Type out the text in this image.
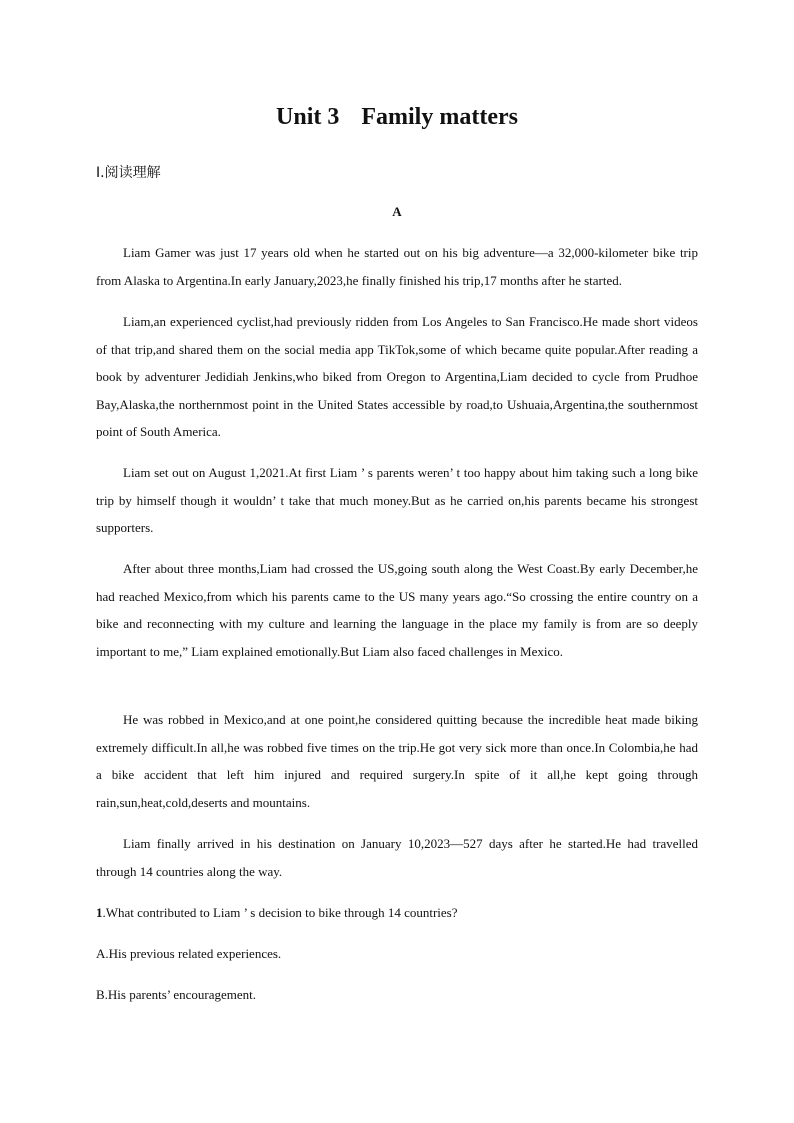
Unit 3 Family matters
Ⅰ.阅读理解
A

Liam Gamer was just 17 years old when he started out on his big adventure—a 32,000-kilometer bike trip from Alaska to Argentina.In early January,2023,he finally finished his trip,17 months after he started.

Liam,an experienced cyclist,had previously ridden from Los Angeles to San Francisco.He made short videos of that trip,and shared them on the social media app TikTok,some of which became quite popular.After reading a book by adventurer Jedidiah Jenkins,who biked from Oregon to Argentina,Liam decided to cycle from Prudhoe Bay,Alaska,the northernmost point in the United States accessible by road,to Ushuaia,Argentina,the southernmost point of South America.

Liam set out on August 1,2021.At first Liam ’ s parents weren’ t too happy about him taking such a long bike trip by himself though it wouldn’ t take that much money.But as he carried on,his parents became his strongest supporters.

After about three months,Liam had crossed the US,going south along the West Coast.By early December,he had reached Mexico,from which his parents came to the US many years ago.“So crossing the entire country on a bike and reconnecting with my culture and learning the language in the place my family is from are so deeply important to me,” Liam explained emotionally.But Liam also faced challenges in Mexico.

He was robbed in Mexico,and at one point,he considered quitting because the incredible heat made biking extremely difficult.In all,he was robbed five times on the trip.He got very sick more than once.In Colombia,he had a bike accident that left him injured and required surgery.In spite of it all,he kept going through rain,sun,heat,cold,deserts and mountains.

Liam finally arrived in his destination on January 10,2023—527 days after he started.He had travelled through 14 countries along the way.

1.What contributed to Liam ’ s decision to bike through 14 countries?
A.His previous related experiences.
B.His parents’ encouragement.
